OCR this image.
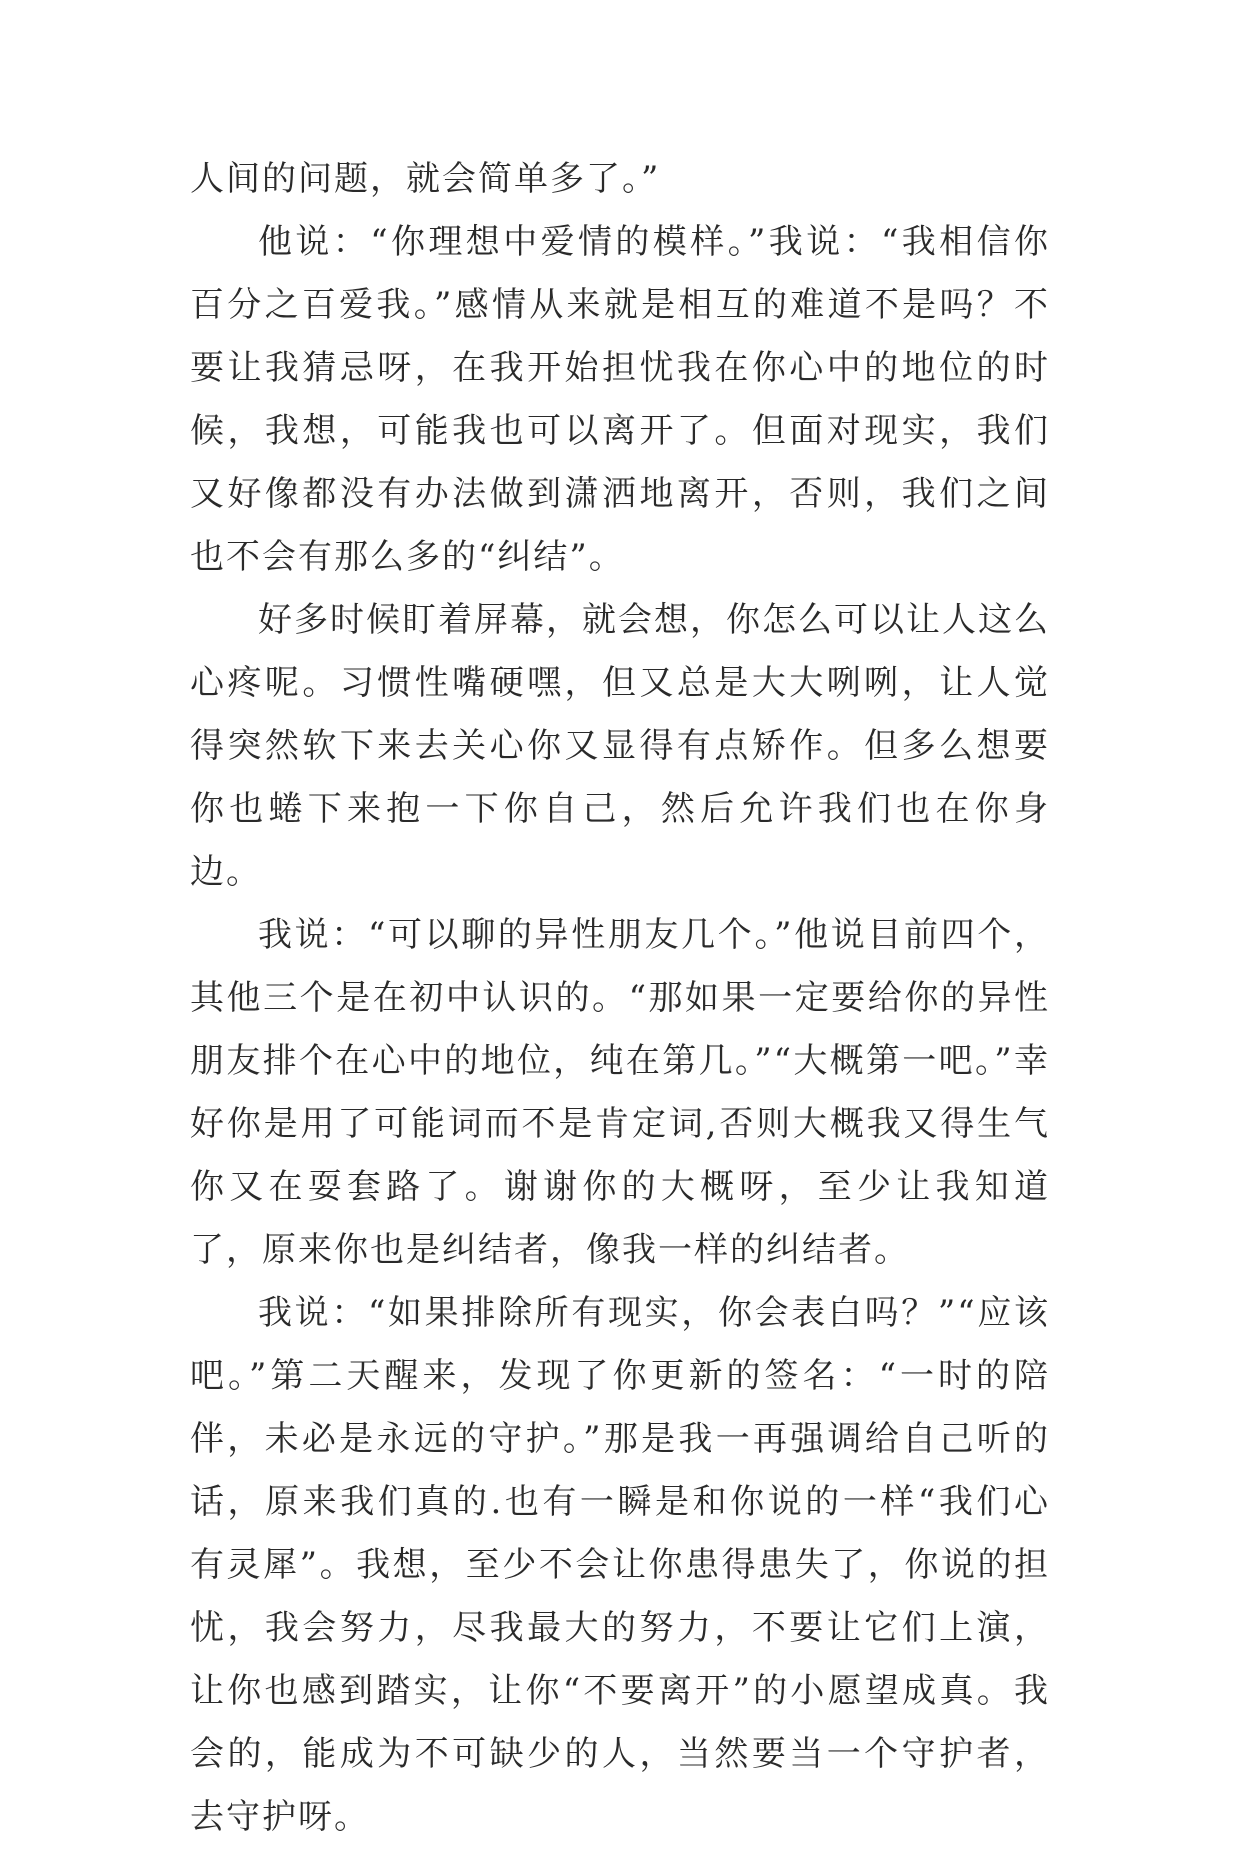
人间的问题，就会简单多了。”

他说：“你理想中爱情的模样。”我说：“我相信你百分之百爱我。”感情从来就是相互的难道不是吗？不要让我猜忌呀，在我开始担忧我在你心中的地位的时候，我想，可能我也可以离开了。但面对现实，我们又好像都没有办法做到潇洒地离开，否则，我们之间也不会有那么多的“纠结”。

好多时候盯着屏幕，就会想，你怎么可以让人这么心疼呢。习惯性嘴硬嘿，但又总是大大咧咧，让人觉得突然软下来去关心你又显得有点矫作。但多么想要你也蜷下来抱一下你自己，然后允许我们也在你身边。

我说：“可以聊的异性朋友几个。”他说目前四个，其他三个是在初中认识的。“那如果一定要给你的异性朋友排个在心中的地位，纯在第几。”“大概第一吧。”幸好你是用了可能词而不是肯定词,否则大概我又得生气你又在耍套路了。谢谢你的大概呀，至少让我知道了，原来你也是纠结者，像我一样的纠结者。

我说：“如果排除所有现实，你会表白吗？”“应该吧。”第二天醒来，发现了你更新的签名：“一时的陪伴，未必是永远的守护。”那是我一再强调给自己听的话，原来我们真的.也有一瞬是和你说的一样“我们心有灵犀”。我想，至少不会让你患得患失了，你说的担忧，我会努力，尽我最大的努力，不要让它们上演，让你也感到踏实，让你“不要离开”的小愿望成真。我会的，能成为不可缺少的人，当然要当一个守护者，去守护呀。
